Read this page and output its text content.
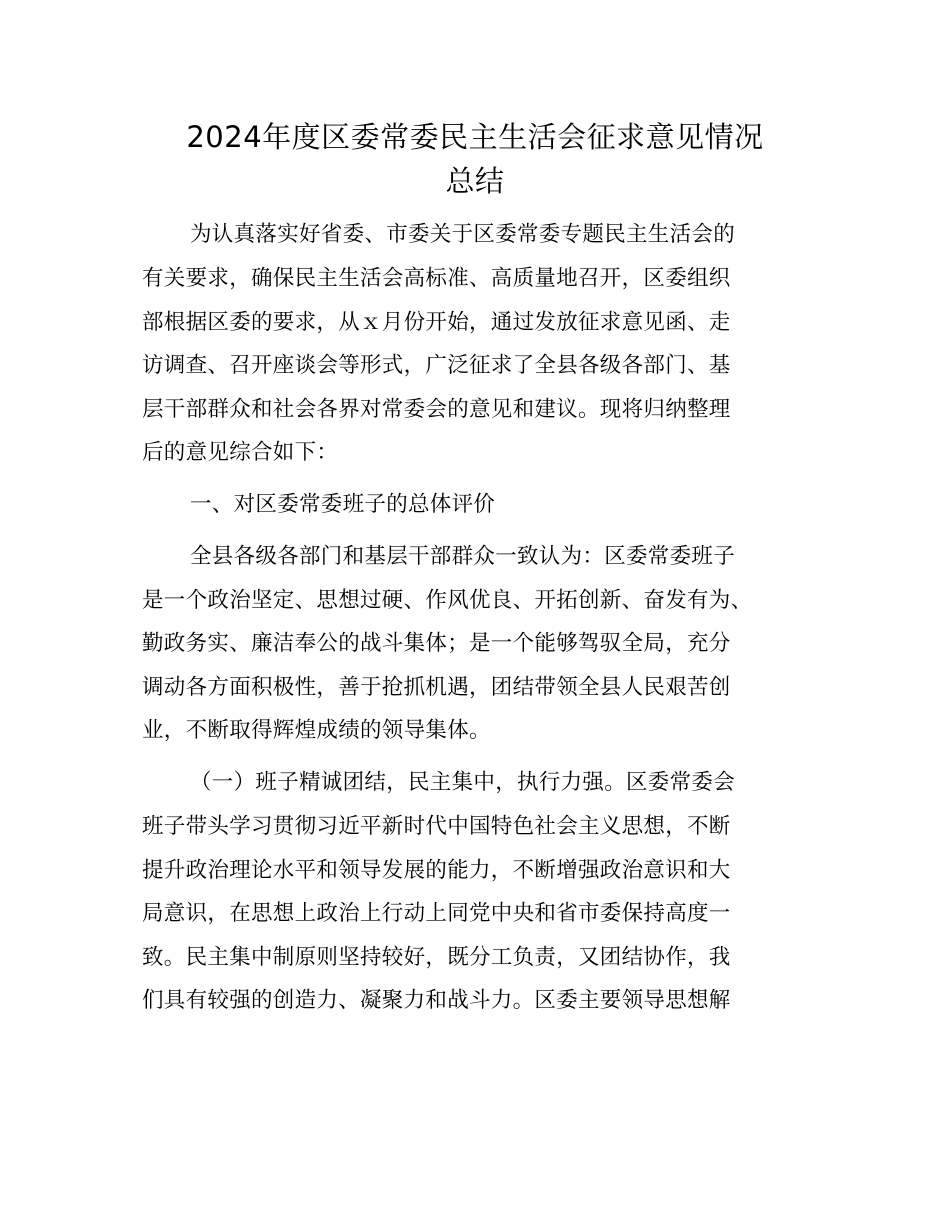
2024年度区委常委民主生活会征求意见情况
总结
为认真落实好省委、市委关于区委常委专题民主生活会的
有关要求，确保民主生活会高标准、高质量地召开，区委组织
部根据区委的要求，从ｘ月份开始，通过发放征求意见函、走
访调查、召开座谈会等形式，广泛征求了全县各级各部门、基
层干部群众和社会各界对常委会的意见和建议。现将归纳整理
后的意见综合如下：
一、对区委常委班子的总体评价
全县各级各部门和基层干部群众一致认为：区委常委班子
是一个政治坚定、思想过硬、作风优良、开拓创新、奋发有为、
勤政务实、廉洁奉公的战斗集体；是一个能够驾驭全局，充分
调动各方面积极性，善于抢抓机遇，团结带领全县人民艰苦创
业，不断取得辉煌成绩的领导集体。
（一）班子精诚团结，民主集中，执行力强。区委常委会
班子带头学习贯彻习近平新时代中国特色社会主义思想，不断
提升政治理论水平和领导发展的能力，不断增强政治意识和大
局意识，在思想上政治上行动上同党中央和省市委保持高度一
致。民主集中制原则坚持较好，既分工负责，又团结协作，我
们具有较强的创造力、凝聚力和战斗力。区委主要领导思想解
